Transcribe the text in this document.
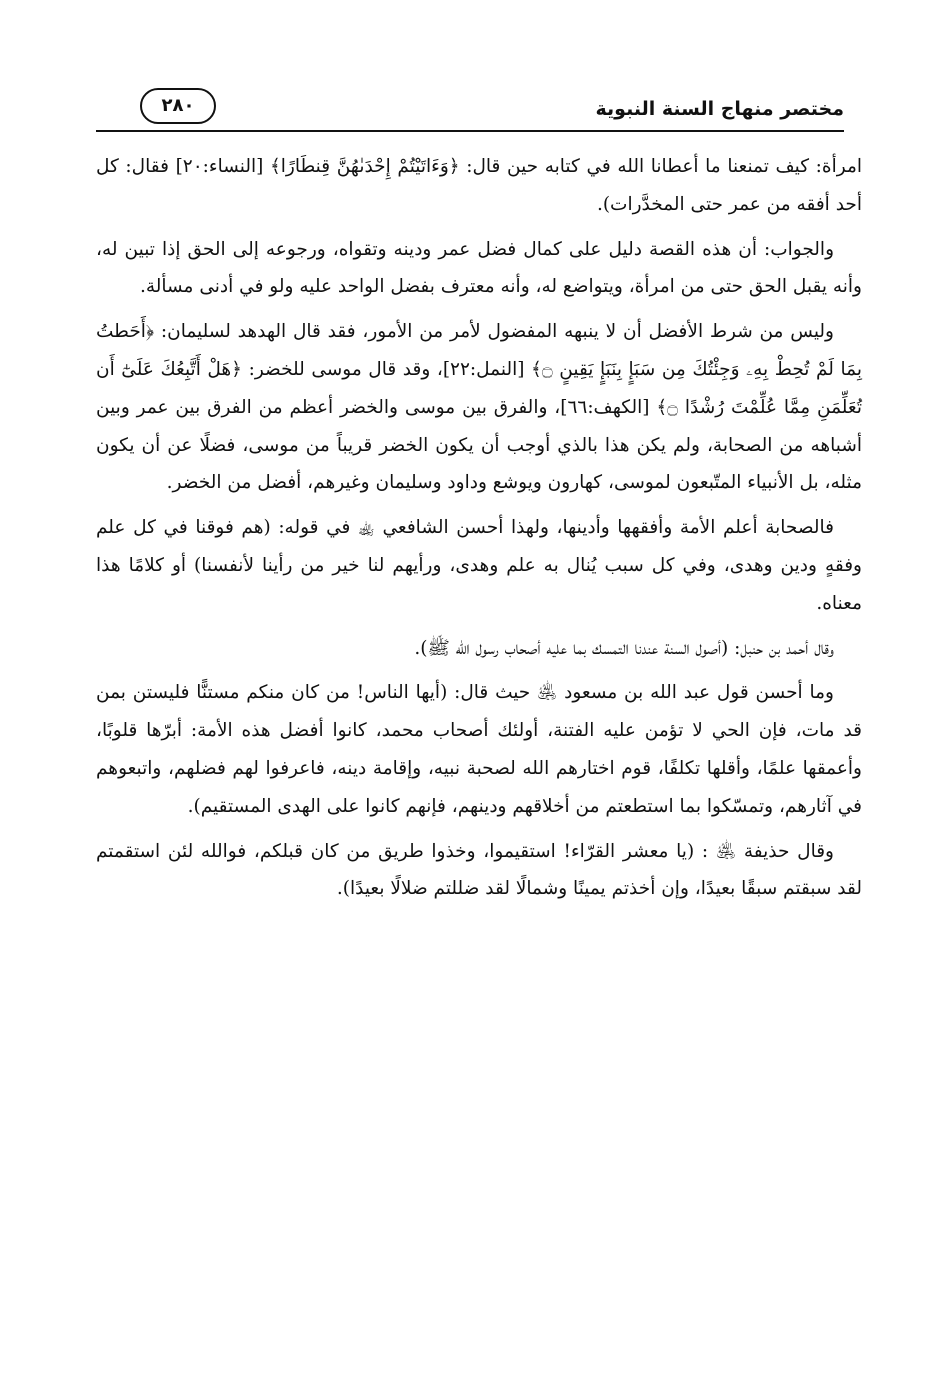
مختصر منهاج السنة النبوية
٢٨٠

امرأة: كيف تمنعنا ما أعطانا الله في كتابه حين قال: ﴿وَءَاتَيْتُمْ إِحْدَىٰهُنَّ قِنطَارًا﴾ [النساء:٢٠] فقال: كل أحد أفقه من عمر حتى المخدَّرات).

والجواب: أن هذه القصة دليل على كمال فضل عمر ودينه وتقواه، ورجوعه إلى الحق إذا تبين له، وأنه يقبل الحق حتى من امرأة، ويتواضع له، وأنه معترف بفضل الواحد عليه ولو في أدنى مسألة.

وليس من شرط الأفضل أن لا ينبهه المفضول لأمر من الأمور، فقد قال الهدهد لسليمان: ﴿أَحَطتُ بِمَا لَمْ تُحِطْ بِهِۦ وَجِئْتُكَ مِن سَبَإٍ بِنَبَإٍ يَقِينٍ ۝﴾ [النمل:٢٢]، وقد قال موسى للخضر: ﴿هَلْ أَتَّبِعُكَ عَلَىٰٓ أَن تُعَلِّمَنِ مِمَّا عُلِّمْتَ رُشْدًا ۝﴾ [الكهف:٦٦]، والفرق بين موسى والخضر أعظم من الفرق بين عمر وبين أشباهه من الصحابة، ولم يكن هذا بالذي أوجب أن يكون الخضر قريباً من موسى، فضلًا عن أن يكون مثله، بل الأنبياء المتّبعون لموسى، كهارون ويوشع وداود وسليمان وغيرهم، أفضل من الخضر.

فالصحابة أعلم الأمة وأفقهها وأدينها، ولهذا أحسن الشافعي ﵀ في قوله: (هم فوقنا في كل علم وفقهٍ ودين وهدى، وفي كل سبب يُنال به علم وهدى، ورأيهم لنا خير من رأينا لأنفسنا) أو كلامًا هذا معناه.

وقال أحمد بن حنبل: (أصول السنة عندنا التمسك بما عليه أصحاب رسول الله ﷺ).

وما أحسن قول عبد الله بن مسعود ﵁ حيث قال: (أيها الناس! من كان منكم مستنًّا فليستن بمن قد مات، فإن الحي لا تؤمن عليه الفتنة، أولئك أصحاب محمد، كانوا أفضل هذه الأمة: أبرّها قلوبًا، وأعمقها علمًا، وأقلها تكلفًا، قوم اختارهم الله لصحبة نبيه، وإقامة دينه، فاعرفوا لهم فضلهم، واتبعوهم في آثارهم، وتمسّكوا بما استطعتم من أخلاقهم ودينهم، فإنهم كانوا على الهدى المستقيم).

وقال حذيفة ﵁ : (يا معشر القرّاء! استقيموا، وخذوا طريق من كان قبلكم، فوالله لئن استقمتم لقد سبقتم سبقًا بعيدًا، وإن أخذتم يمينًا وشمالًا لقد ضللتم ضلالًا بعيدًا).
